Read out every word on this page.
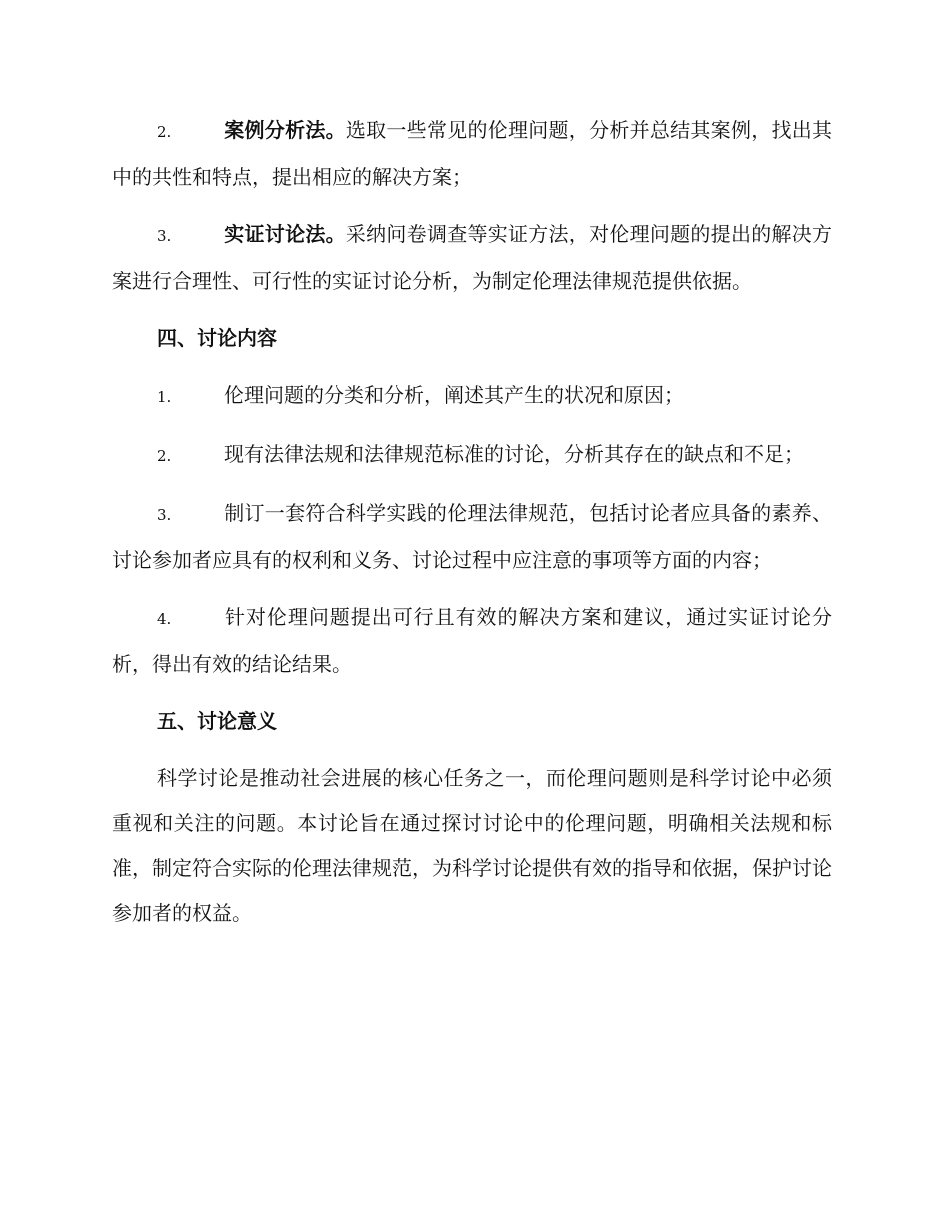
2.	案例分析法。选取一些常见的伦理问题，分析并总结其案例，找出其中的共性和特点，提出相应的解决方案；

3.	实证讨论法。采纳问卷调查等实证方法，对伦理问题的提出的解决方案进行合理性、可行性的实证讨论分析，为制定伦理法律规范提供依据。

四、讨论内容

1.	伦理问题的分类和分析，阐述其产生的状况和原因；

2.	现有法律法规和法律规范标准的讨论，分析其存在的缺点和不足；

3.	制订一套符合科学实践的伦理法律规范，包括讨论者应具备的素养、讨论参加者应具有的权利和义务、讨论过程中应注意的事项等方面的内容；

4.	针对伦理问题提出可行且有效的解决方案和建议，通过实证讨论分析，得出有效的结论结果。

五、讨论意义

科学讨论是推动社会进展的核心任务之一，而伦理问题则是科学讨论中必须重视和关注的问题。本讨论旨在通过探讨讨论中的伦理问题，明确相关法规和标准，制定符合实际的伦理法律规范，为科学讨论提供有效的指导和依据，保护讨论参加者的权益。
